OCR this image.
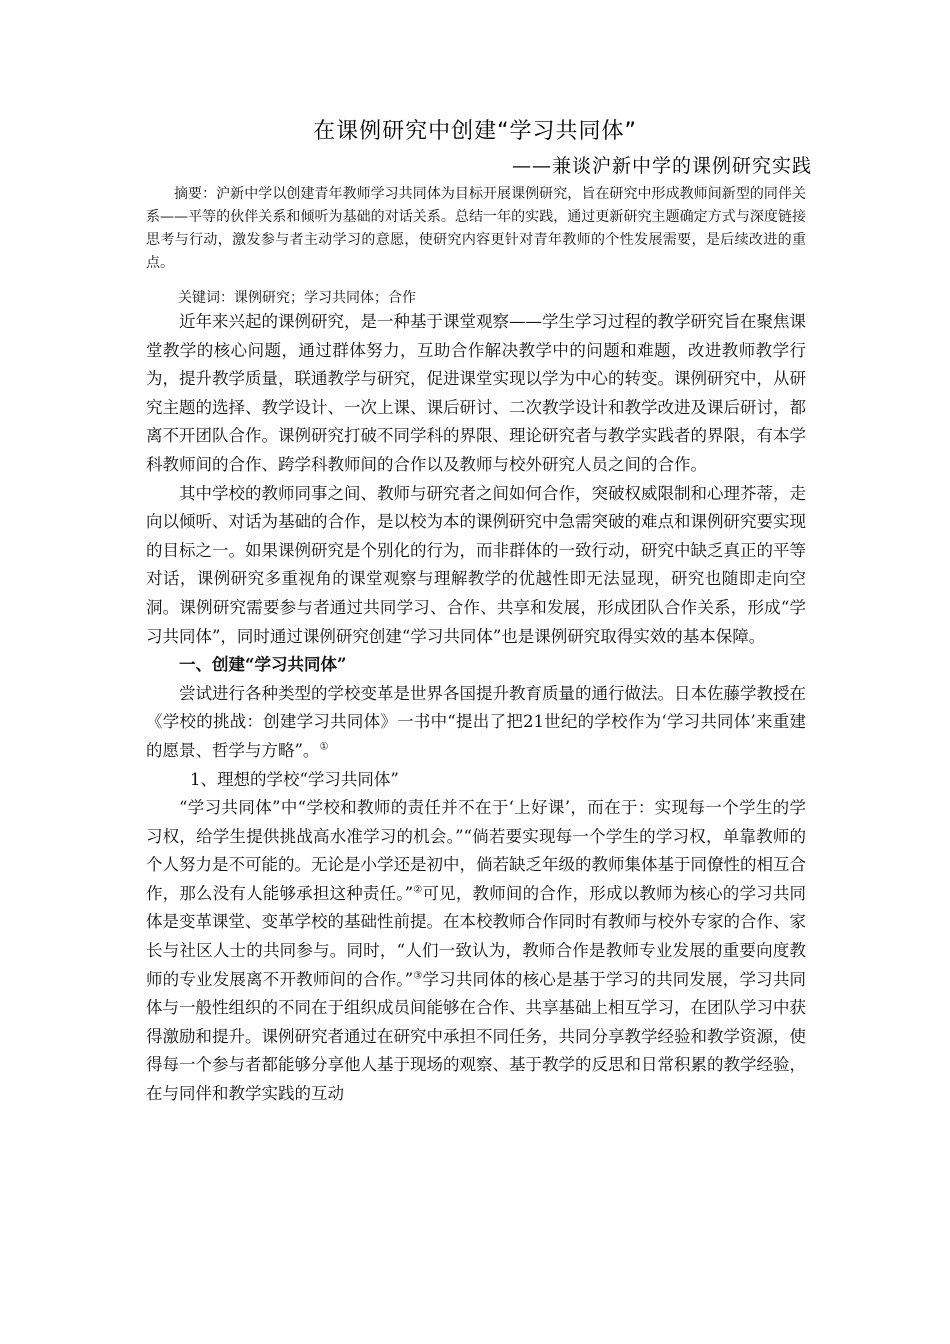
在课例研究中创建“学习共同体”
——兼谈沪新中学的课例研究实践

摘要：沪新中学以创建青年教师学习共同体为目标开展课例研究，旨在研究中形成教师间新型的同伴关系——平等的伙伴关系和倾听为基础的对话关系。总结一年的实践，通过更新研究主题确定方式与深度链接思考与行动，激发参与者主动学习的意愿，使研究内容更针对青年教师的个性发展需要，是后续改进的重点。

关键词：课例研究；学习共同体；合作

近年来兴起的课例研究，是一种基于课堂观察——学生学习过程的教学研究旨在聚焦课堂教学的核心问题，通过群体努力，互助合作解决教学中的问题和难题，改进教师教学行为，提升教学质量，联通教学与研究，促进课堂实现以学为中心的转变。课例研究中，从研究主题的选择、教学设计、一次上课、课后研讨、二次教学设计和教学改进及课后研讨，都离不开团队合作。课例研究打破不同学科的界限、理论研究者与教学实践者的界限，有本学科教师间的合作、跨学科教师间的合作以及教师与校外研究人员之间的合作。

其中学校的教师同事之间、教师与研究者之间如何合作，突破权威限制和心理芥蒂，走向以倾听、对话为基础的合作，是以校为本的课例研究中急需突破的难点和课例研究要实现的目标之一。如果课例研究是个别化的行为，而非群体的一致行动，研究中缺乏真正的平等对话，课例研究多重视角的课堂观察与理解教学的优越性即无法显现，研究也随即走向空洞。课例研究需要参与者通过共同学习、合作、共享和发展，形成团队合作关系，形成“学习共同体”，同时通过课例研究创建“学习共同体”也是课例研究取得实效的基本保障。

一、创建“学习共同体”

尝试进行各种类型的学校变革是世界各国提升教育质量的通行做法。日本佐藤学教授在《学校的挑战：创建学习共同体》一书中“提出了把21世纪的学校作为‘学习共同体’来重建的愿景、哲学与方略”。①

1、理想的学校“学习共同体”

“学习共同体”中“学校和教师的责任并不在于‘上好课’，而在于：实现每一个学生的学习权，给学生提供挑战高水准学习的机会。”“倘若要实现每一个学生的学习权，单靠教师的个人努力是不可能的。无论是小学还是初中，倘若缺乏年级的教师集体基于同僚性的相互合作，那么没有人能够承担这种责任。”②可见，教师间的合作，形成以教师为核心的学习共同体是变革课堂、变革学校的基础性前提。在本校教师合作同时有教师与校外专家的合作、家长与社区人士的共同参与。同时，“人们一致认为，教师合作是教师专业发展的重要向度教师的专业发展离不开教师间的合作。”③学习共同体的核心是基于学习的共同发展，学习共同体与一般性组织的不同在于组织成员间能够在合作、共享基础上相互学习，在团队学习中获得激励和提升。课例研究者通过在研究中承担不同任务，共同分享教学经验和教学资源，使得每一个参与者都能够分享他人基于现场的观察、基于教学的反思和日常积累的教学经验，在与同伴和教学实践的互动
